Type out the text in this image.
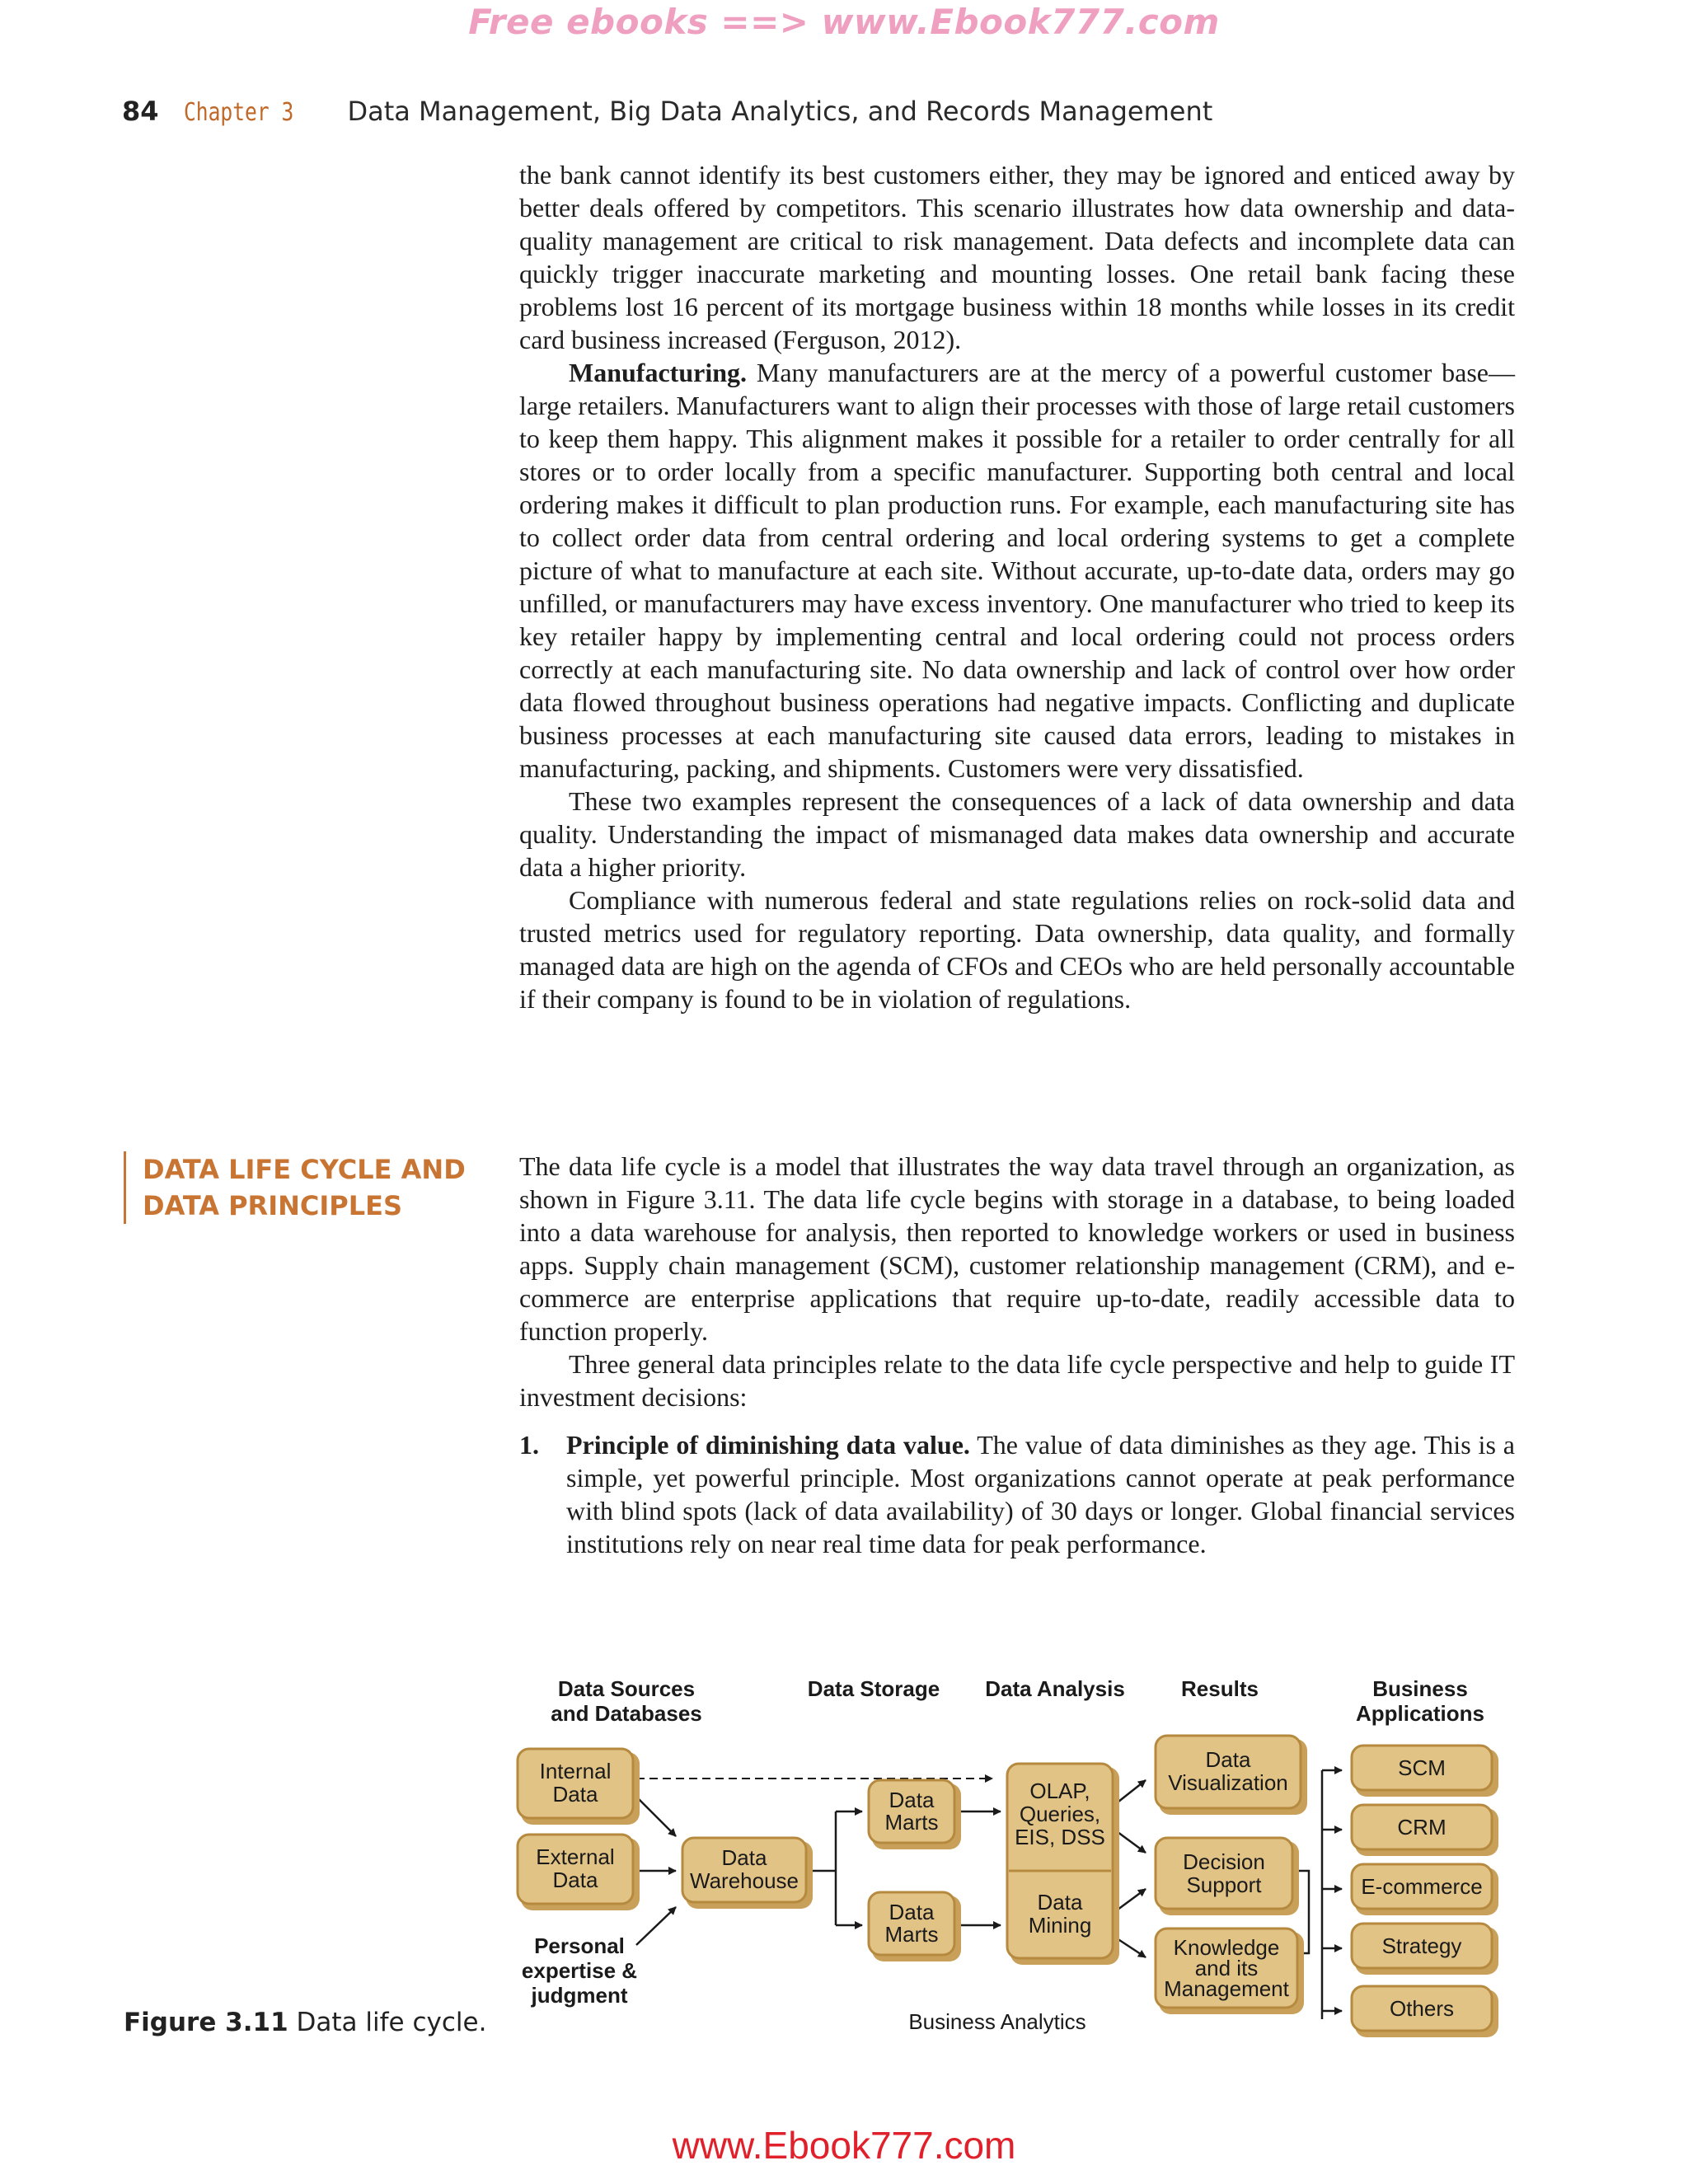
Free ebooks ==> www.Ebook777.com
84 Chapter 3 Data Management, Big Data Analytics, and Records Management

the bank cannot identify its best customers either, they may be ignored and enticed away by better deals offered by competitors. This scenario illustrates how data ownership and data-quality management are critical to risk management. Data defects and incomplete data can quickly trigger inaccurate marketing and mounting losses. One retail bank facing these problems lost 16 percent of its mortgage business within 18 months while losses in its credit card business increased (Ferguson, 2012).

Manufacturing. Many manufacturers are at the mercy of a powerful customer base—large retailers. Manufacturers want to align their processes with those of large retail customers to keep them happy. This alignment makes it possible for a retailer to order centrally for all stores or to order locally from a specific manufacturer. Supporting both central and local ordering makes it difficult to plan production runs. For example, each manufacturing site has to collect order data from central ordering and local ordering systems to get a complete picture of what to manufacture at each site. Without accurate, up-to-date data, orders may go unfilled, or manufacturers may have excess inventory. One manufacturer who tried to keep its key retailer happy by implementing central and local ordering could not process orders correctly at each manufacturing site. No data ownership and lack of control over how order data flowed throughout business operations had negative impacts. Conflicting and duplicate business processes at each manufacturing site caused data errors, leading to mistakes in manufacturing, packing, and shipments. Customers were very dissatisfied.

These two examples represent the consequences of a lack of data ownership and data quality. Understanding the impact of mismanaged data makes data ownership and accurate data a higher priority.

Compliance with numerous federal and state regulations relies on rock-solid data and trusted metrics used for regulatory reporting. Data ownership, data quality, and formally managed data are high on the agenda of CFOs and CEOs who are held personally accountable if their company is found to be in violation of regulations.

DATA LIFE CYCLE AND
DATA PRINCIPLES

The data life cycle is a model that illustrates the way data travel through an organization, as shown in Figure 3.11. The data life cycle begins with storage in a database, to being loaded into a data warehouse for analysis, then reported to knowledge workers or used in business apps. Supply chain management (SCM), customer relationship management (CRM), and e-commerce are enterprise applications that require up-to-date, readily accessible data to function properly.

Three general data principles relate to the data life cycle perspective and help to guide IT investment decisions:

1.	Principle of diminishing data value. The value of data diminishes as they age. This is a simple, yet powerful principle. Most organizations cannot operate at peak performance with blind spots (lack of data availability) of 30 days or longer. Global financial services institutions rely on near real time data for peak performance.
Data Sources
and Databases
Data Storage Data Analysis	Results	Business
Applications
Internal
Data
External
Data
Personal
expertise &
judgment
Data
Warehouse
Data
Marts
Data
Marts
OLAP,
Queries,
EIS, DSS
Data
Mining
Data
Visualization
Decision
Support
Knowledge
and its
Management
SCM
CRM
E-commerce
Strategy
Others
Business Analytics
Figure 3.11 Data life cycle.
www.Ebook777.com
